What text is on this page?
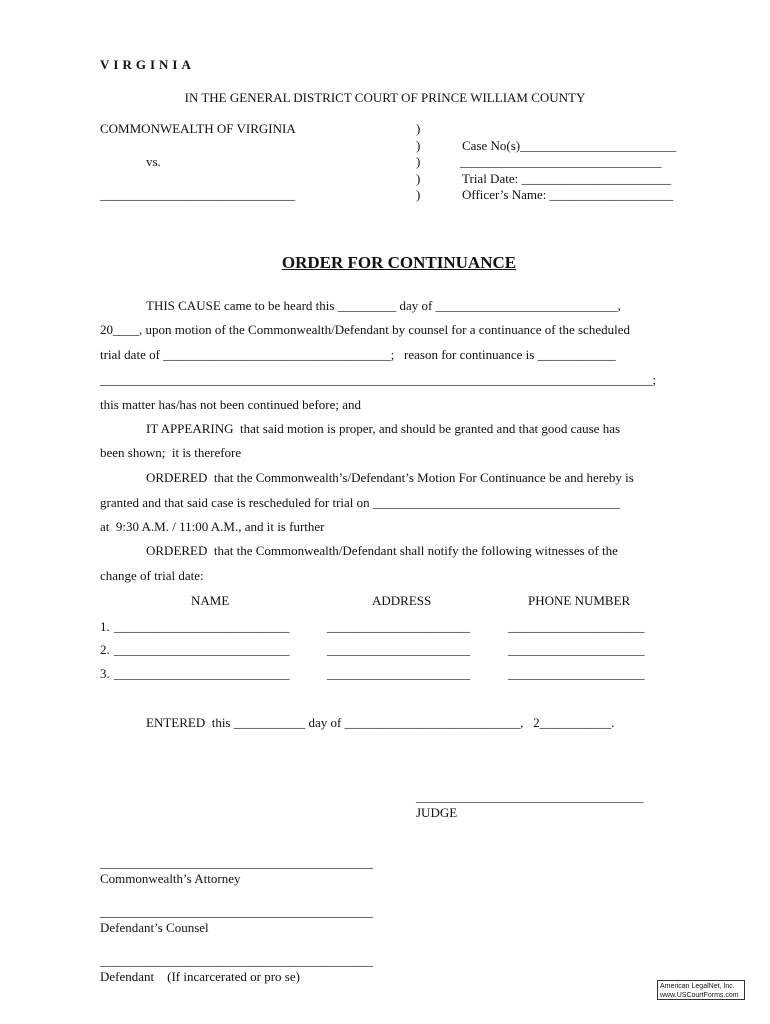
VIRGINIA
IN THE GENERAL DISTRICT COURT OF PRINCE WILLIAM COUNTY
COMMONWEALTH OF VIRGINIA
vs.
______________________________
)
)
)
)
)
Case No(s)________________________
_______________________________
Trial Date: _______________________
Officer’s Name: ___________________
ORDER FOR CONTINUANCE
THIS CAUSE came to be heard this _________ day of ____________________________,
20____, upon motion of the Commonwealth/Defendant by counsel for a continuance of the scheduled
trial date of ___________________________________;   reason for continuance is ____________
_____________________________________________________________________________________;
this matter has/has not been continued before; and
IT APPEARING  that said motion is proper, and should be granted and that good cause has
been shown;  it is therefore
ORDERED  that the Commonwealth’s/Defendant’s Motion For Continuance be and hereby is
granted and that said case is rescheduled for trial on ______________________________________
at  9:30 A.M. / 11:00 A.M., and it is further
ORDERED  that the Commonwealth/Defendant shall notify the following witnesses of the
change of trial date:
NAME	ADDRESS	PHONE NUMBER
1. ___________________________	______________________	_____________________
2. ___________________________	______________________	_____________________
3. ___________________________	______________________	_____________________
ENTERED  this ___________ day of ___________________________,   2___________.
___________________________________
JUDGE
__________________________________________
Commonwealth’s Attorney
__________________________________________
Defendant’s Counsel
__________________________________________
Defendant    (If incarcerated or pro se)
American LegalNet, Inc.
www.USCourtForms.com
